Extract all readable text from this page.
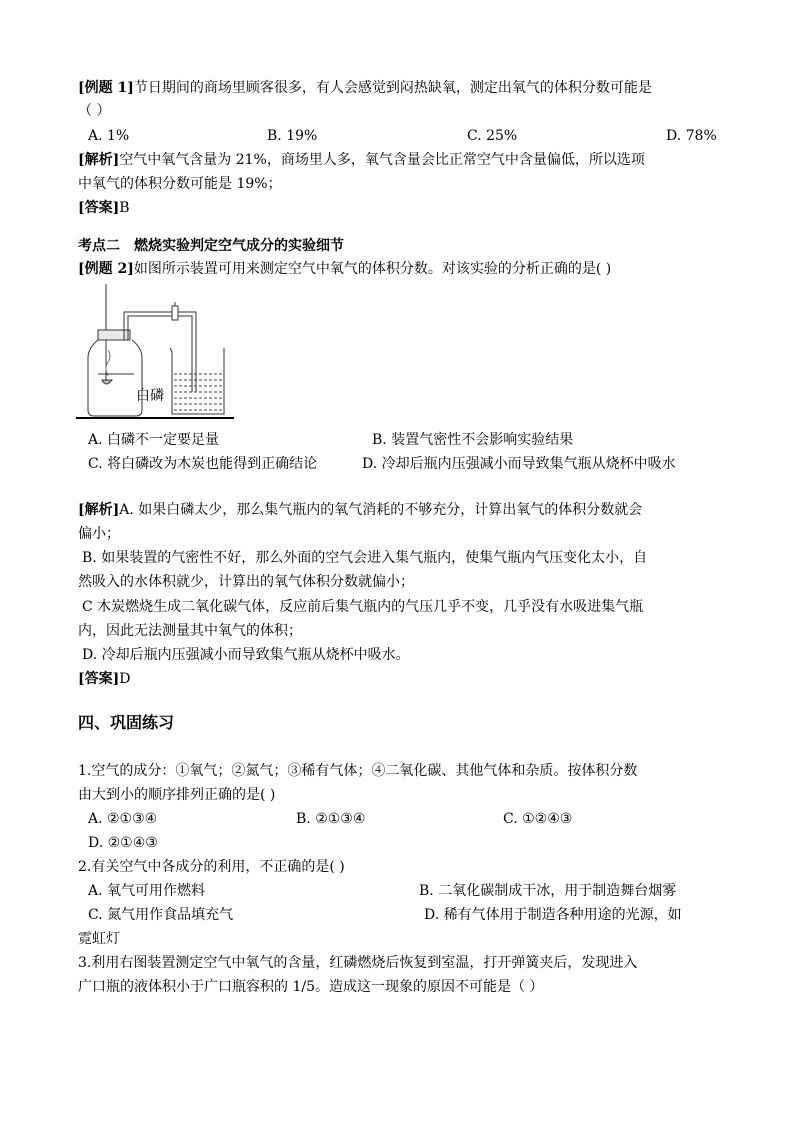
[例题 1]节日期间的商场里顾客很多，有人会感觉到闷热缺氧，测定出氧气的体积分数可能是
（ ）
A. 1%	B. 19%	C. 25%	D. 78%
[解析]空气中氧气含量为 21%，商场里人多，氧气含量会比正常空气中含量偏低，所以选项
中氧气的体积分数可能是 19%；
[答案]B
考点二　燃烧实验判定空气成分的实验细节
[例题 2]如图所示装置可用来测定空气中氧气的体积分数。对该实验的分析正确的是( )
白磷
A. 白磷不一定要足量	B. 装置气密性不会影响实验结果
C. 将白磷改为木炭也能得到正确结论	D. 冷却后瓶内压强减小而导致集气瓶从烧杯中吸水
[解析]A. 如果白磷太少，那么集气瓶内的氧气消耗的不够充分，计算出氧气的体积分数就会
偏小；
B. 如果装置的气密性不好，那么外面的空气会进入集气瓶内，使集气瓶内气压变化太小，自
然吸入的水体积就少，计算出的氧气体积分数就偏小；
C 木炭燃烧生成二氧化碳气体，反应前后集气瓶内的气压几乎不变，几乎没有水吸进集气瓶
内，因此无法测量其中氧气的体积；
D. 冷却后瓶内压强减小而导致集气瓶从烧杯中吸水。
[答案]D
四、巩固练习
1.空气的成分：①氧气；②氮气；③稀有气体；④二氧化碳、其他气体和杂质。按体积分数
由大到小的顺序排列正确的是( )
A. ②①③④	B. ②①③④	C. ①②④③
D. ②①④③
2.有关空气中各成分的利用，不正确的是( )
A. 氧气可用作燃料	B. 二氧化碳制成干冰，用于制造舞台烟雾
C. 氮气用作食品填充气	D. 稀有气体用于制造各种用途的光源，如
霓虹灯
3.利用右图装置测定空气中氧气的含量，红磷燃烧后恢复到室温，打开弹簧夹后，发现进入
广口瓶的液体积小于广口瓶容积的 1/5。造成这一现象的原因不可能是（ ）
